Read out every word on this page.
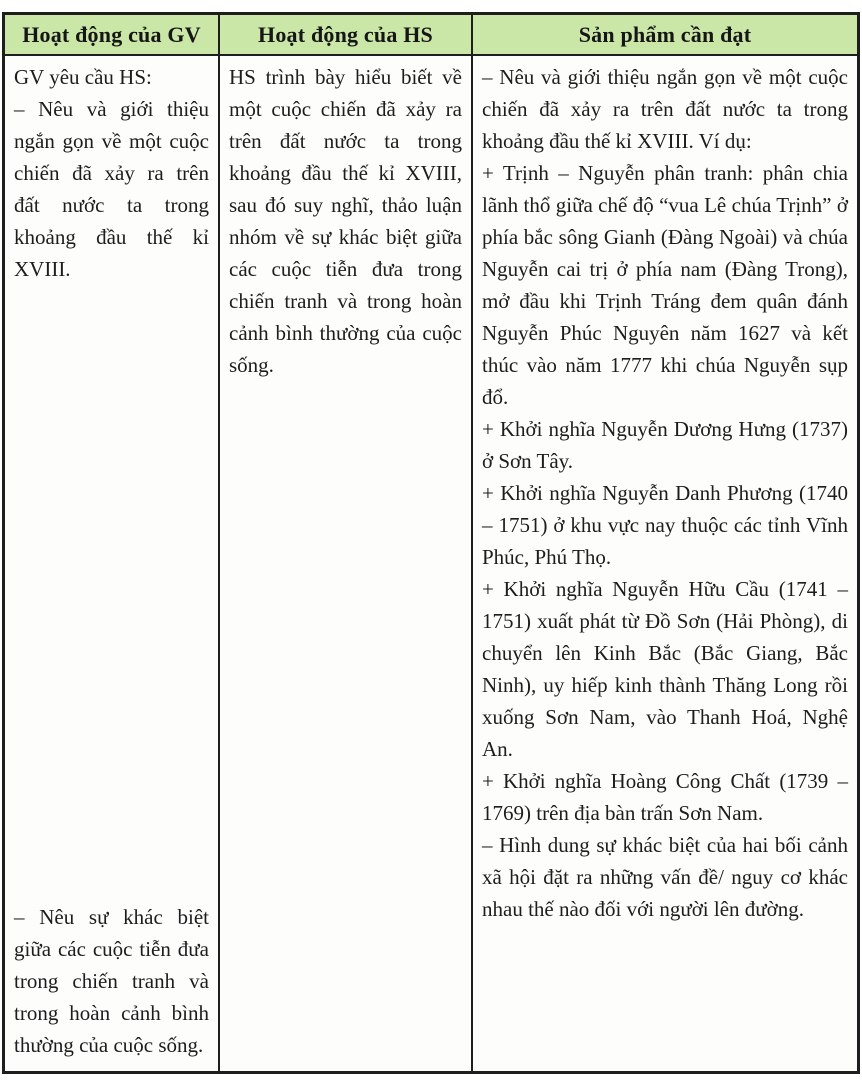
Hoạt động của GV	Hoạt động của HS	Sản phẩm cần đạt

GV yêu cầu HS:

– Nêu và giới thiệu ngắn gọn về một cuộc chiến đã xảy ra trên đất nước ta trong khoảng đầu thế kỉ XVIII.

– Nêu sự khác biệt giữa các cuộc tiễn đưa trong chiến tranh và trong hoàn cảnh bình thường của cuộc sống.

HS trình bày hiểu biết về một cuộc chiến đã xảy ra trên đất nước ta trong khoảng đầu thế kỉ XVIII, sau đó suy nghĩ, thảo luận nhóm về sự khác biệt giữa các cuộc tiễn đưa trong chiến tranh và trong hoàn cảnh bình thường của cuộc sống.

– Nêu và giới thiệu ngắn gọn về một cuộc chiến đã xảy ra trên đất nước ta trong khoảng đầu thế kỉ XVIII. Ví dụ:

+ Trịnh – Nguyễn phân tranh: phân chia lãnh thổ giữa chế độ “vua Lê chúa Trịnh” ở phía bắc sông Gianh (Đàng Ngoài) và chúa Nguyễn cai trị ở phía nam (Đàng Trong), mở đầu khi Trịnh Tráng đem quân đánh Nguyễn Phúc Nguyên năm 1627 và kết thúc vào năm 1777 khi chúa Nguyễn sụp đổ.

+ Khởi nghĩa Nguyễn Dương Hưng (1737) ở Sơn Tây.

+ Khởi nghĩa Nguyễn Danh Phương (1740 – 1751) ở khu vực nay thuộc các tỉnh Vĩnh Phúc, Phú Thọ.

+ Khởi nghĩa Nguyễn Hữu Cầu (1741 – 1751) xuất phát từ Đồ Sơn (Hải Phòng), di chuyển lên Kinh Bắc (Bắc Giang, Bắc Ninh), uy hiếp kinh thành Thăng Long rồi xuống Sơn Nam, vào Thanh Hoá, Nghệ An.

+ Khởi nghĩa Hoàng Công Chất (1739 – 1769) trên địa bàn trấn Sơn Nam.

– Hình dung sự khác biệt của hai bối cảnh xã hội đặt ra những vấn đề/ nguy cơ khác nhau thế nào đối với người lên đường.
